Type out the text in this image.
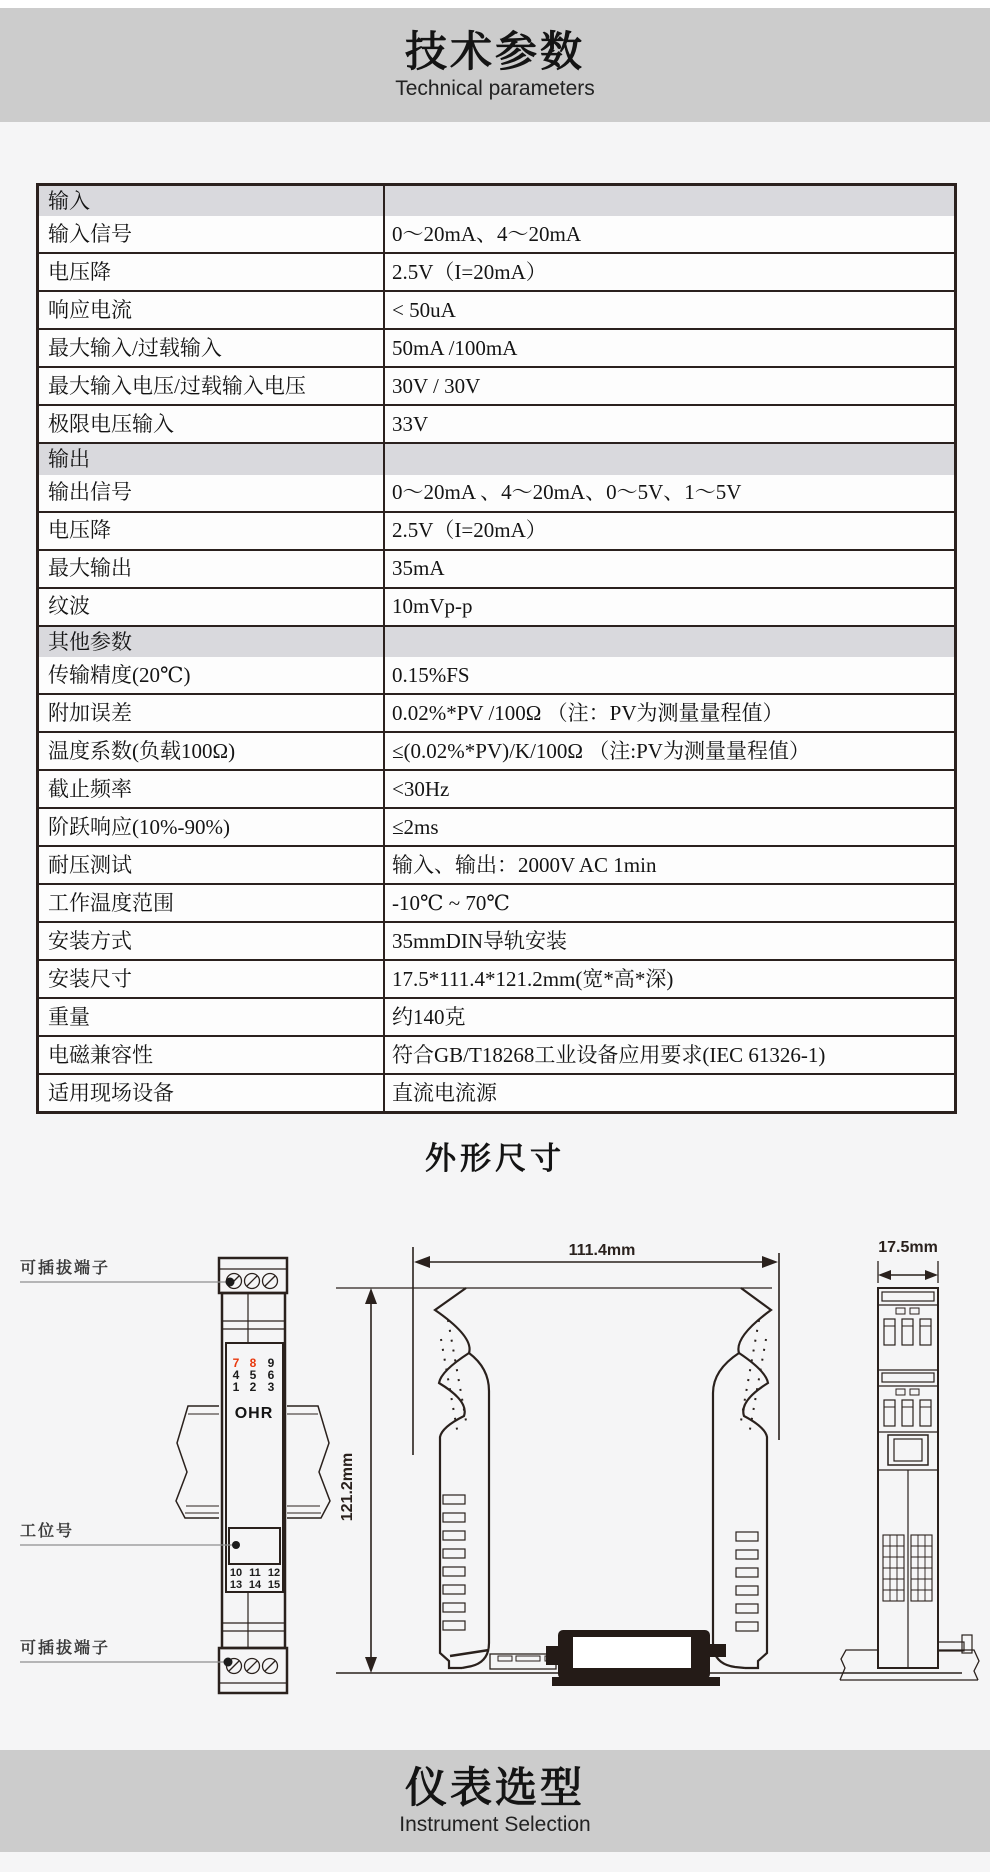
技术参数
Technical parameters
输入
输入信号	0～20mA、4～20mA
电压降	2.5V（I=20mA）
响应电流	< 50uA
最大输入/过载输入	50mA /100mA
最大输入电压/过载输入电压	30V / 30V
极限电压输入	33V
输出
输出信号	0～20mA 、4～20mA、0～5V、1～5V
电压降	2.5V（I=20mA）
最大输出	35mA
纹波	10mVp-p
其他参数
传输精度(20℃)	0.15%FS
附加误差	0.02%*PV /100Ω （注：PV为测量量程值）
温度系数(负载100Ω)	≤(0.02%*PV)/K/100Ω （注:PV为测量量程值）
截止频率	<30Hz
阶跃响应(10%-90%)	≤2ms
耐压测试	输入、输出：2000V AC 1min
工作温度范围	-10℃ ~ 70℃
安装方式	35mmDIN导轨安装
安装尺寸	17.5*111.4*121.2mm(宽*高*深)
重量	约140克
电磁兼容性	符合GB/T18268工业设备应用要求(IEC 61326-1)
适用现场设备	直流电流源
外形尺寸
可插拔端子
工位号
可插拔端子
7 8 9
4 5 6
1 2 3
OHR
10 11 12
13 14 15
111.4mm
121.2mm
17.5mm
仪表选型
Instrument Selection
